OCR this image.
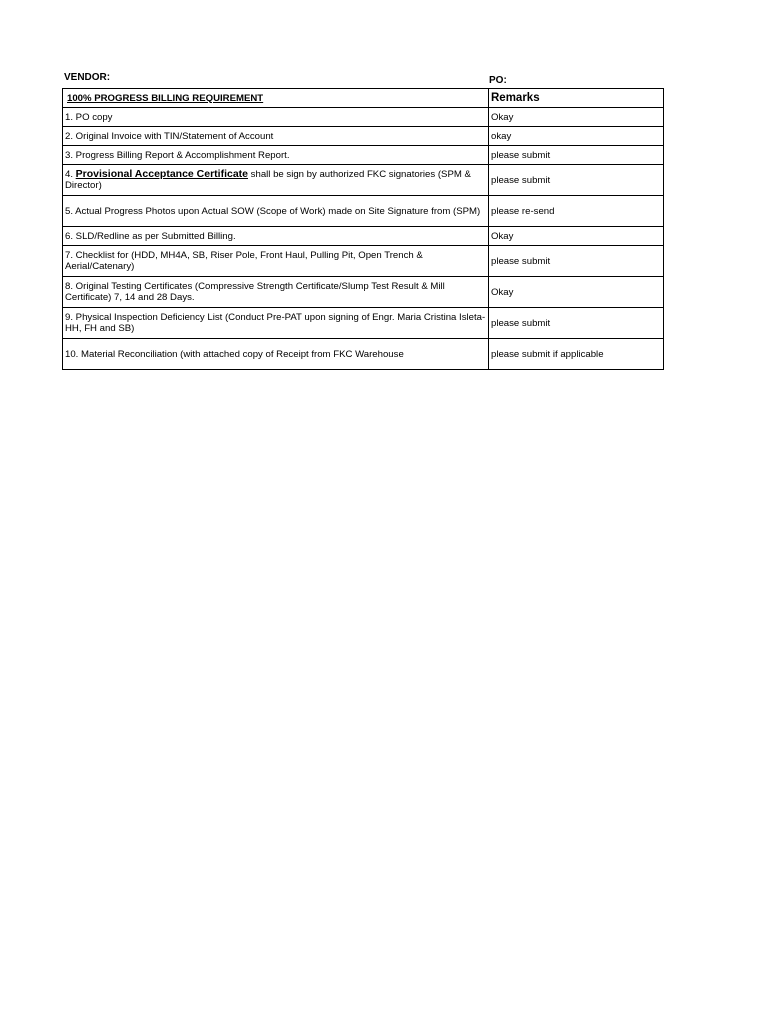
VENDOR:	PO:
100% PROGRESS BILLING REQUIREMENT	Remarks
1. PO copy	Okay
2. Original Invoice with TIN/Statement of Account	okay
3. Progress Billing Report & Accomplishment Report.	please submit
4. Provisional Acceptance Certificate shall be sign by authorized FKC signatories (SPM & Director)	please submit
5. Actual Progress Photos upon Actual SOW (Scope of Work) made on Site Signature from (SPM)	please re-send
6. SLD/Redline as per Submitted Billing.	Okay
7. Checklist for (HDD, MH4A, SB, Riser Pole, Front Haul, Pulling Pit, Open Trench & Aerial/Catenary)	please submit
8. Original Testing Certificates (Compressive Strength Certificate/Slump Test Result & Mill Certificate) 7, 14 and 28 Days.	Okay
9. Physical Inspection Deficiency List (Conduct Pre-PAT upon signing of Engr. Maria Cristina Isleta-HH, FH and SB)	please submit
10. Material Reconciliation (with attached copy of Receipt from FKC Warehouse	please submit if applicable
